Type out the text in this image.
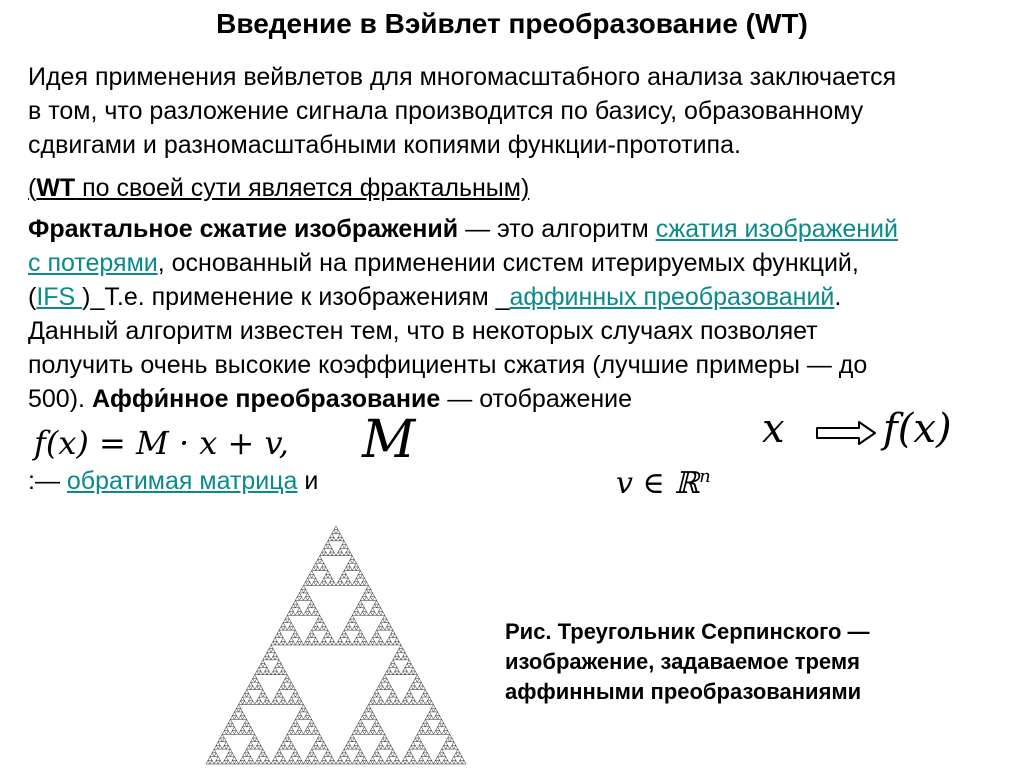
Введение в Вэйвлет преобразование (WT)
Идея применения вейвлетов для многомасштабного анализа заключается
в том, что разложение сигнала производится по базису, образованному
сдвигами и разномасштабными копиями функции-прототипа.
(WT по своей сути является фрактальным)
Фрактальное сжатие изображений — это алгоритм сжатия изображений
с потерями, основанный на применении систем итерируемых функций,
(IFS )_Т.е. применение к изображениям _аффинных преобразований.
Данный алгоритм известен тем, что в некоторых случаях позволяет
получить очень высокие коэффициенты сжатия (лучшие примеры — до
500). Аффи́нное преобразование — отображение
f(x) = M · x + v, M	x f(x)
:— обратимая матрица и	v ∈ ℝ$^n$
Рис. Треугольник Серпинского —
изображение, задаваемое тремя
аффинными преобразованиями
